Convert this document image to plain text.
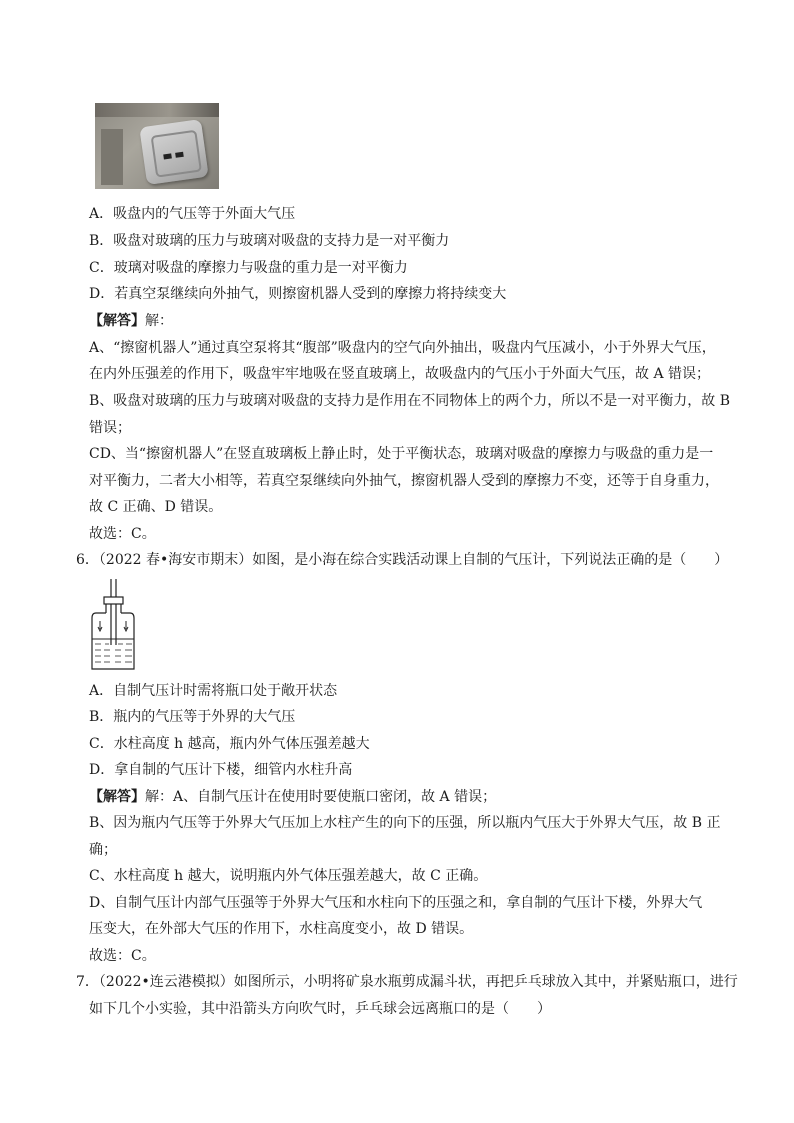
A．吸盘内的气压等于外面大气压
B．吸盘对玻璃的压力与玻璃对吸盘的支持力是一对平衡力
C．玻璃对吸盘的摩擦力与吸盘的重力是一对平衡力
D．若真空泵继续向外抽气，则擦窗机器人受到的摩擦力将持续变大
【解答】解：
A、“擦窗机器人”通过真空泵将其“腹部”吸盘内的空气向外抽出，吸盘内气压减小，小于外界大气压，
在内外压强差的作用下，吸盘牢牢地吸在竖直玻璃上，故吸盘内的气压小于外面大气压，故 A 错误；
B、吸盘对玻璃的压力与玻璃对吸盘的支持力是作用在不同物体上的两个力，所以不是一对平衡力，故 B
错误；
CD、当“擦窗机器人”在竖直玻璃板上静止时，处于平衡状态，玻璃对吸盘的摩擦力与吸盘的重力是一
对平衡力，二者大小相等，若真空泵继续向外抽气，擦窗机器人受到的摩擦力不变，还等于自身重力，
故 C 正确、D 错误。
故选：C。
6．（2022 春•海安市期末）如图，是小海在综合实践活动课上自制的气压计，下列说法正确的是（　　）
A．自制气压计时需将瓶口处于敞开状态
B．瓶内的气压等于外界的大气压
C．水柱高度 h 越高，瓶内外气体压强差越大
D．拿自制的气压计下楼，细管内水柱升高
【解答】解：A、自制气压计在使用时要使瓶口密闭，故 A 错误；
B、因为瓶内气压等于外界大气压加上水柱产生的向下的压强，所以瓶内气压大于外界大气压，故 B 正
确；
C、水柱高度 h 越大，说明瓶内外气体压强差越大，故 C 正确。
D、自制气压计内部气压强等于外界大气压和水柱向下的压强之和，拿自制的气压计下楼，外界大气
压变大，在外部大气压的作用下，水柱高度变小，故 D 错误。
故选：C。
7．（2022•连云港模拟）如图所示，小明将矿泉水瓶剪成漏斗状，再把乒乓球放入其中，并紧贴瓶口，进行
如下几个小实验，其中沿箭头方向吹气时，乒乓球会远离瓶口的是（　　）
